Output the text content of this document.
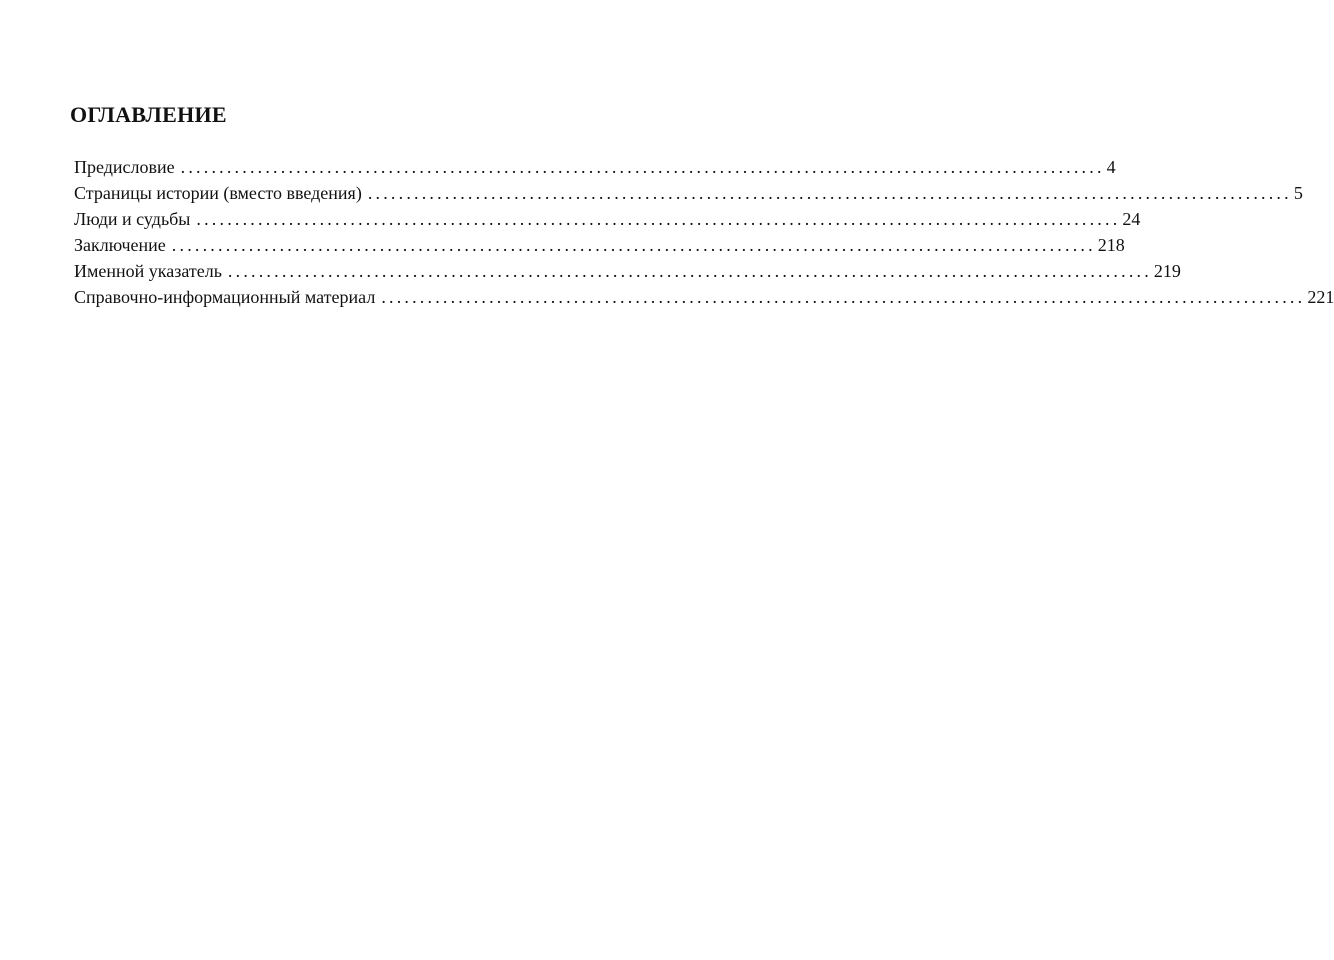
ОГЛАВЛЕНИЕ
Предисловие ........................................................................................................................ 4
Страницы истории (вместо введения) ........................................................................................................................ 5
Люди и судьбы ........................................................................................................................ 24
Заключение ........................................................................................................................ 218
Именной указатель ........................................................................................................................ 219
Справочно-информационный материал ........................................................................................................................ 221
